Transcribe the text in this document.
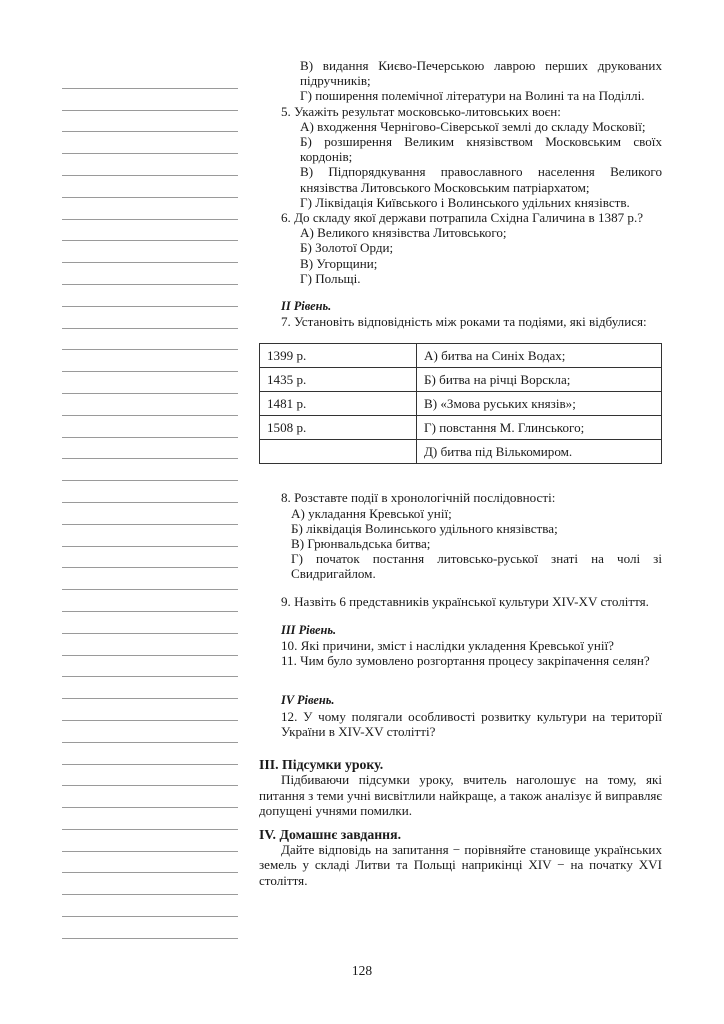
В) видання Києво-Печерською лаврою перших друкованих підручників;

Г) поширення полемічної літератури на Волині та на Поділлі.

5. Укажіть результат московсько-литовських воєн:

А) входження Чернігово-Сіверської землі до складу Московії;

Б) розширення Великим князівством Московським своїх кордонів;

В) Підпорядкування православного населення Великого князівства Литовського Московським патріархатом;

Г) Ліквідація Київського і Волинського удільних князівств.

6. До складу якої держави потрапила Східна Галичина в 1387 р.?

А) Великого князівства Литовського;

Б) Золотої Орди;

В) Угорщини;

Г) Польщі.

II Рівень.

7. Установіть відповідність між роками та подіями, які відбулися:

1399 р.	А) битва на Синіх Водах;
1435 р.	Б) битва на річці Ворскла;
1481 р.	В) «Змова руських князів»;
1508 р.	Г) повстання М. Глинського;
	Д) битва під Вількомиром.

8. Розставте події в хронологічній послідовності:

А) укладання Кревської унії;

Б) ліквідація Волинського удільного князівства;

В) Грюнвальдська битва;

Г) початок постання литовсько-руської знаті на чолі зі Свидригайлом.

9. Назвіть 6 представників української культури XIV-XV століття.

III Рівень.

10. Які причини, зміст і наслідки укладення Кревської унії?

11. Чим було зумовлено розгортання процесу закріпачення селян?

IV Рівень.

12. У чому полягали особливості розвитку культури на території України в XIV-XV столітті?

III. Підсумки уроку.

Підбиваючи підсумки уроку, вчитель наголошує на тому, які питання з теми учні висвітлили найкраще, а також аналізує й виправляє допущені учнями помилки.

IV. Домашнє завдання.

Дайте відповідь на запитання − порівняйте становище українських земель у складі Литви та Польщі наприкінці XIV − на початку XVI століття.

128
